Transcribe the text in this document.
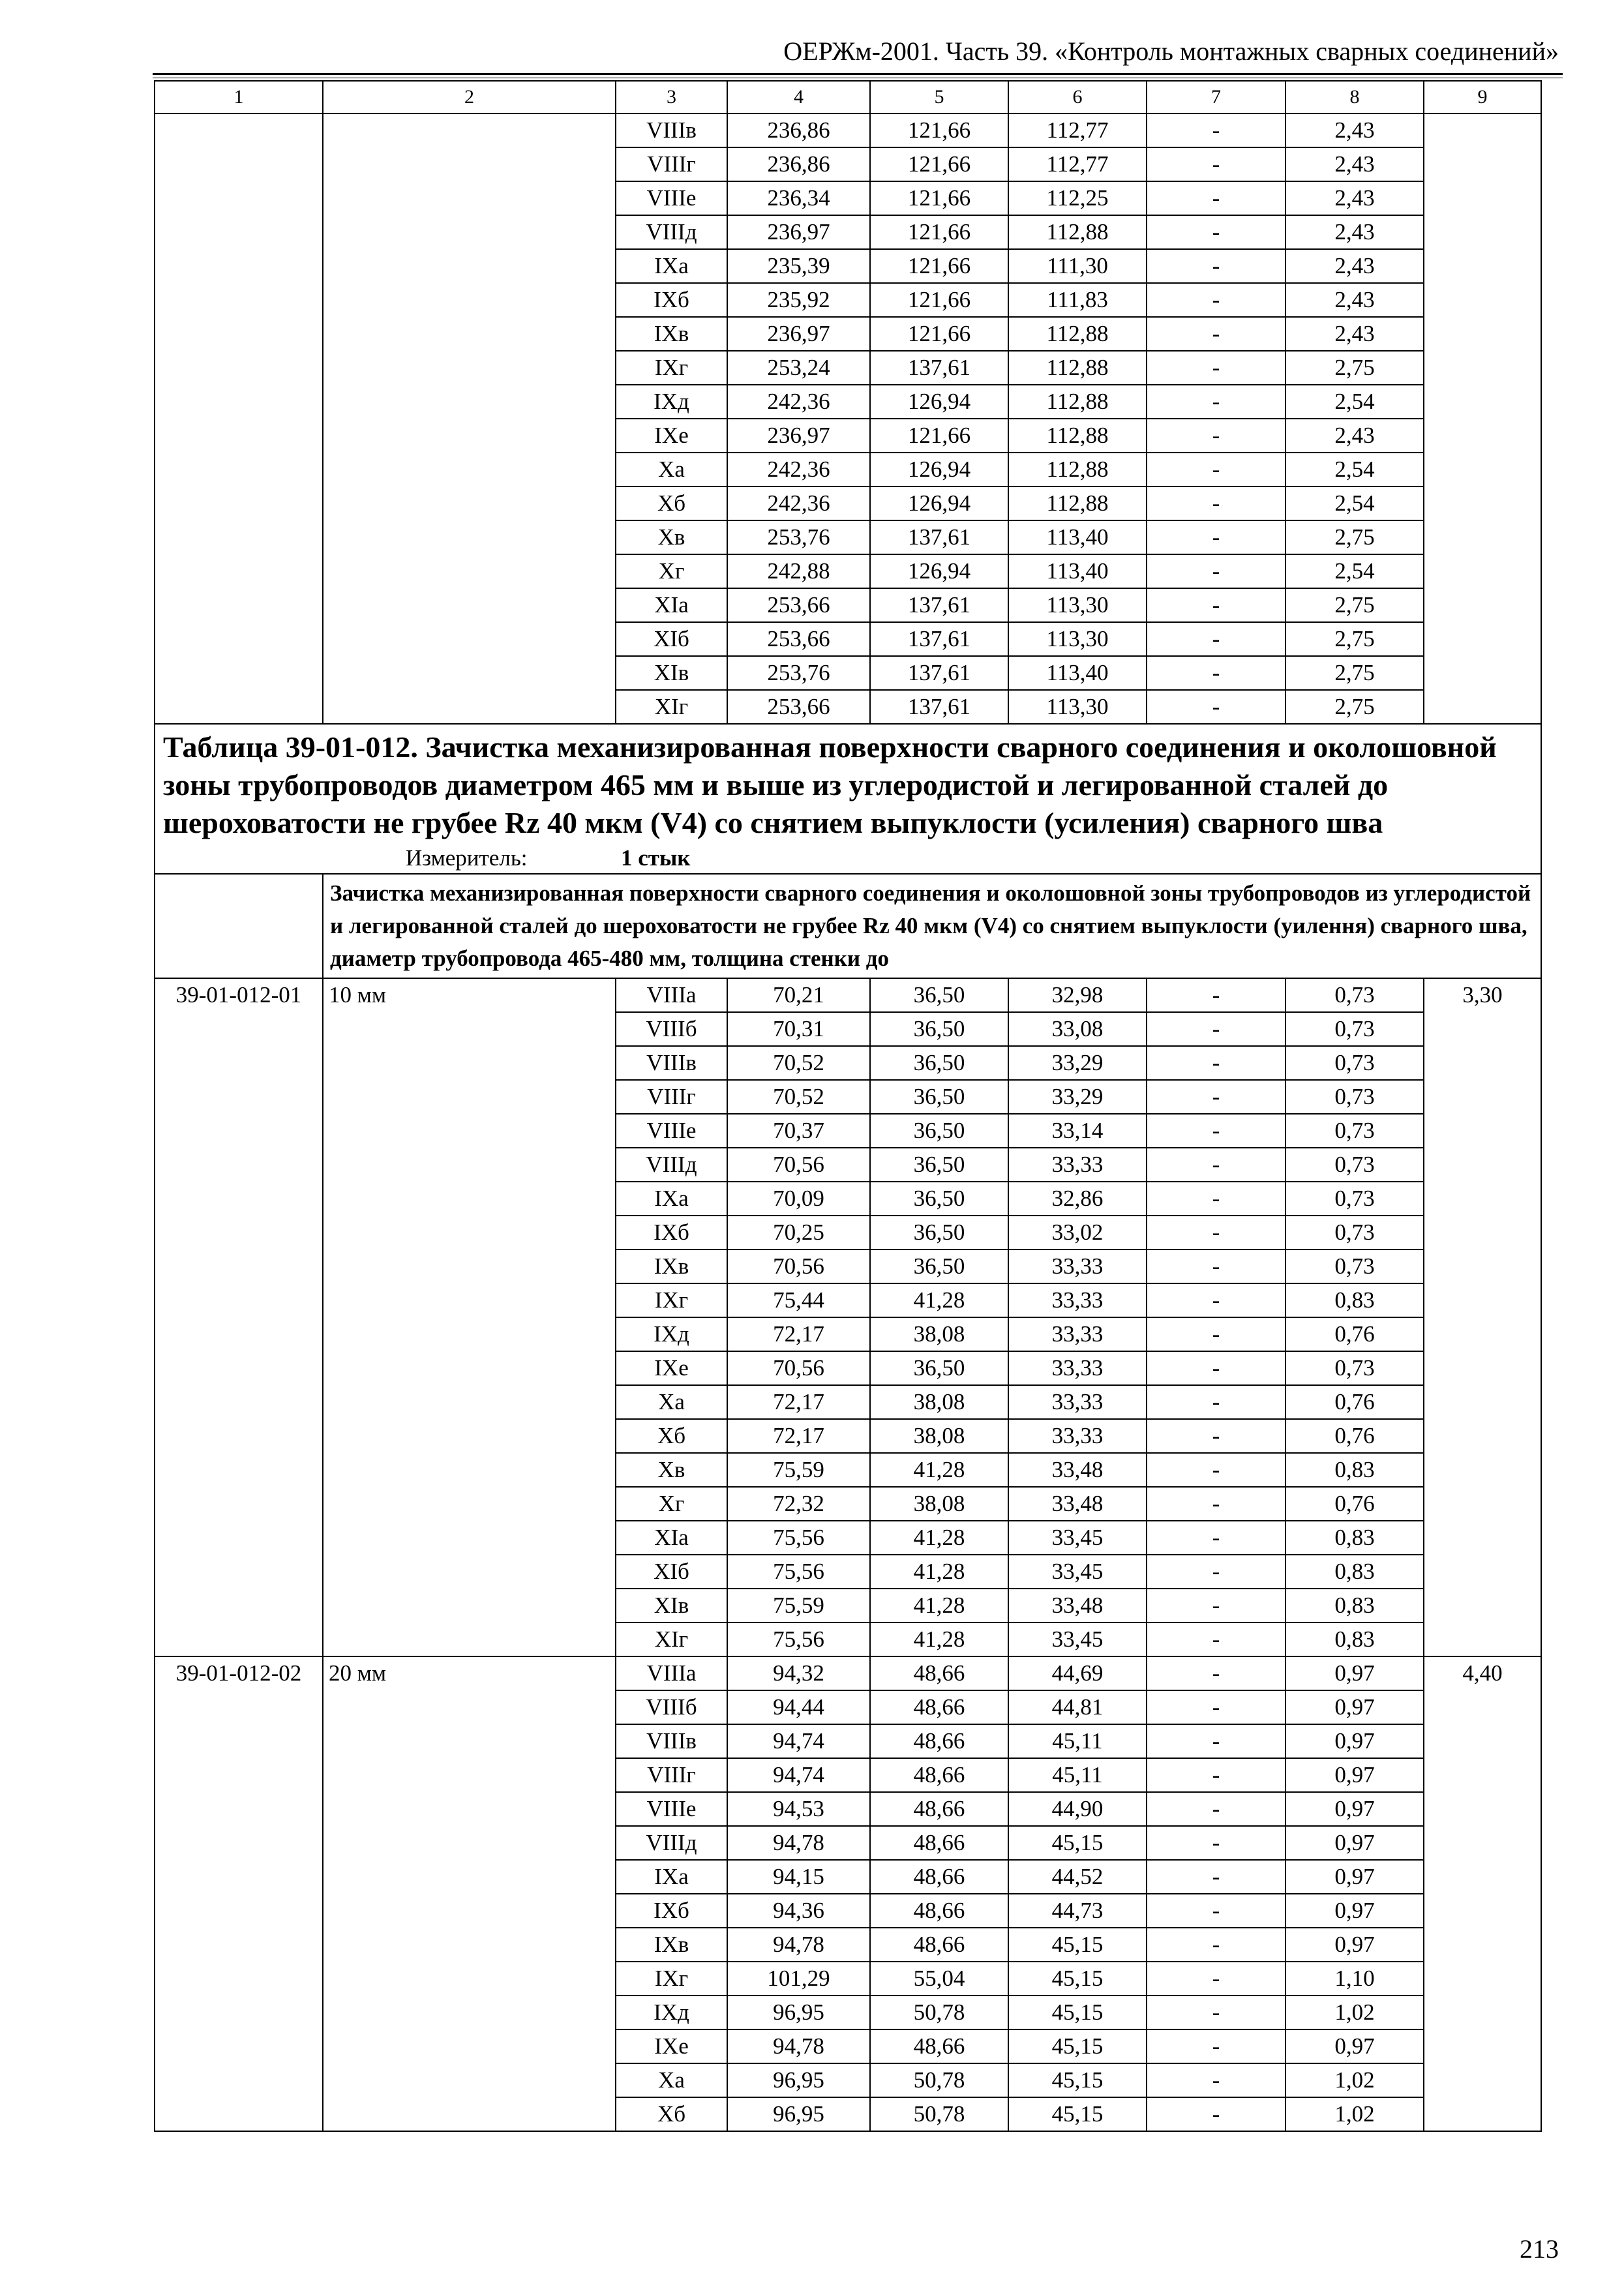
ОЕРЖм-2001. Часть 39. «Контроль монтажных сварных соединений»
1	2	3	4	5	6	7	8	9
		VIIIв	236,86	121,66	112,77	-	2,43	
		VIIIг	236,86	121,66	112,77	-	2,43	
		VIIIе	236,34	121,66	112,25	-	2,43	
		VIIIд	236,97	121,66	112,88	-	2,43	
		IXа	235,39	121,66	111,30	-	2,43	
		IXб	235,92	121,66	111,83	-	2,43	
		IXв	236,97	121,66	112,88	-	2,43	
		IXг	253,24	137,61	112,88	-	2,75	
		IXд	242,36	126,94	112,88	-	2,54	
		IXе	236,97	121,66	112,88	-	2,43	
		Xа	242,36	126,94	112,88	-	2,54	
		Xб	242,36	126,94	112,88	-	2,54	
		Xв	253,76	137,61	113,40	-	2,75	
		Xг	242,88	126,94	113,40	-	2,54	
		XIа	253,66	137,61	113,30	-	2,75	
		XIб	253,66	137,61	113,30	-	2,75	
		XIв	253,76	137,61	113,40	-	2,75	
		XIг	253,66	137,61	113,30	-	2,75	

Таблица 39-01-012. Зачистка механизированная поверхности сварного соединения и околошовной зоны трубопроводов диаметром 465 мм и выше из углеродистой и легированной сталей до шероховатости не грубее Rz 40 мкм (V4) со снятием выпуклости (усиления) сварного шва
Измеритель: 1 стык								

	Зачистка механизированная поверхности сварного соединения и околошовной зоны трубопроводов из углеродистой и легированной сталей до шероховатости не грубее Rz 40 мкм (V4) со снятием выпуклости (уилення) сварного шва, диаметр трубопровода 465-480 мм, толщина стенки до							
39-01-012-01	10 мм	VIIIа	70,21	36,50	32,98	-	0,73	3,30
		VIIIб	70,31	36,50	33,08	-	0,73	
		VIIIв	70,52	36,50	33,29	-	0,73	
		VIIIг	70,52	36,50	33,29	-	0,73	
		VIIIе	70,37	36,50	33,14	-	0,73	
		VIIIд	70,56	36,50	33,33	-	0,73	
		IXа	70,09	36,50	32,86	-	0,73	
		IXб	70,25	36,50	33,02	-	0,73	
		IXв	70,56	36,50	33,33	-	0,73	
		IXг	75,44	41,28	33,33	-	0,83	
		IXд	72,17	38,08	33,33	-	0,76	
		IXе	70,56	36,50	33,33	-	0,73	
		Xа	72,17	38,08	33,33	-	0,76	
		Xб	72,17	38,08	33,33	-	0,76	
		Xв	75,59	41,28	33,48	-	0,83	
		Xг	72,32	38,08	33,48	-	0,76	
		XIа	75,56	41,28	33,45	-	0,83	
		XIб	75,56	41,28	33,45	-	0,83	
		XIв	75,59	41,28	33,48	-	0,83	
		XIг	75,56	41,28	33,45	-	0,83	
39-01-012-02	20 мм	VIIIа	94,32	48,66	44,69	-	0,97	4,40
		VIIIб	94,44	48,66	44,81	-	0,97	
		VIIIв	94,74	48,66	45,11	-	0,97	
		VIIIг	94,74	48,66	45,11	-	0,97	
		VIIIе	94,53	48,66	44,90	-	0,97	
		VIIIд	94,78	48,66	45,15	-	0,97	
		IXа	94,15	48,66	44,52	-	0,97	
		IXб	94,36	48,66	44,73	-	0,97	
		IXв	94,78	48,66	45,15	-	0,97	
		IXг	101,29	55,04	45,15	-	1,10	
		IXд	96,95	50,78	45,15	-	1,02	
		IXе	94,78	48,66	45,15	-	0,97	
		Xа	96,95	50,78	45,15	-	1,02	
		Xб	96,95	50,78	45,15	-	1,02	
213
